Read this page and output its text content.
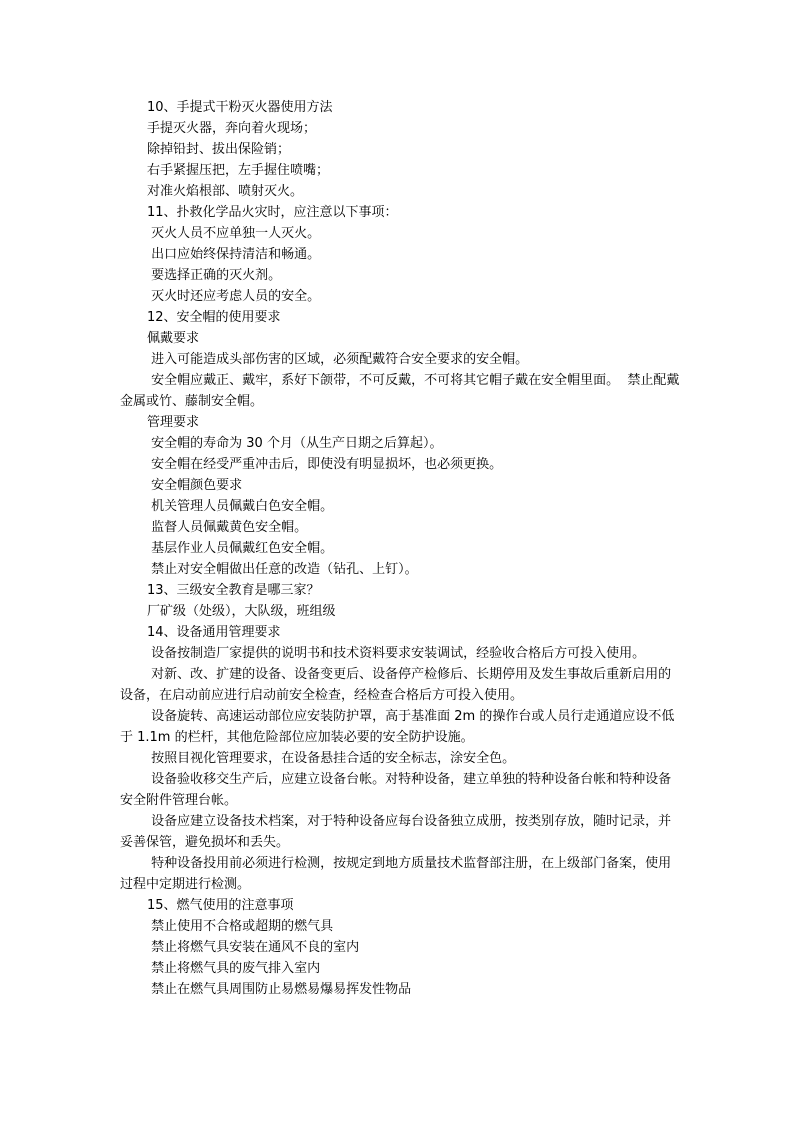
10、手提式干粉灭火器使用方法

手提灭火器，奔向着火现场；

除掉铅封、拔出保险销；

右手紧握压把，左手握住喷嘴；

对准火焰根部、喷射灭火。

11、扑救化学品火灾时，应注意以下事项：

灭火人员不应单独一人灭火。

出口应始终保持清洁和畅通。

要选择正确的灭火剂。

灭火时还应考虑人员的安全。

12、安全帽的使用要求

佩戴要求

进入可能造成头部伤害的区域，必须配戴符合安全要求的安全帽。

安全帽应戴正、戴牢，系好下颌带，不可反戴，不可将其它帽子戴在安全帽里面。  禁止配戴金属或竹、藤制安全帽。

管理要求

安全帽的寿命为 30 个月（从生产日期之后算起）。

安全帽在经受严重冲击后，即使没有明显损坏，也必须更换。

安全帽颜色要求

机关管理人员佩戴白色安全帽。

监督人员佩戴黄色安全帽。

基层作业人员佩戴红色安全帽。

禁止对安全帽做出任意的改造（钻孔、上钉）。

13、三级安全教育是哪三家？

厂矿级（处级），大队级，班组级

14、设备通用管理要求

设备按制造厂家提供的说明书和技术资料要求安装调试，经验收合格后方可投入使用。

对新、改、扩建的设备、设备变更后、设备停产检修后、长期停用及发生事故后重新启用的设备，在启动前应进行启动前安全检查，经检查合格后方可投入使用。

设备旋转、高速运动部位应安装防护罩，高于基准面 2m 的操作台或人员行走通道应设不低于 1.1m 的栏杆，其他危险部位应加装必要的安全防护设施。

按照目视化管理要求，在设备悬挂合适的安全标志，涂安全色。

设备验收移交生产后，应建立设备台帐。对特种设备，建立单独的特种设备台帐和特种设备安全附件管理台帐。

设备应建立设备技术档案，对于特种设备应每台设备独立成册，按类别存放，随时记录，并妥善保管，避免损坏和丢失。

特种设备投用前必须进行检测，按规定到地方质量技术监督部注册，在上级部门备案，使用过程中定期进行检测。

15、燃气使用的注意事项

禁止使用不合格或超期的燃气具

禁止将燃气具安装在通风不良的室内

禁止将燃气具的废气排入室内

禁止在燃气具周围防止易燃易爆易挥发性物品
